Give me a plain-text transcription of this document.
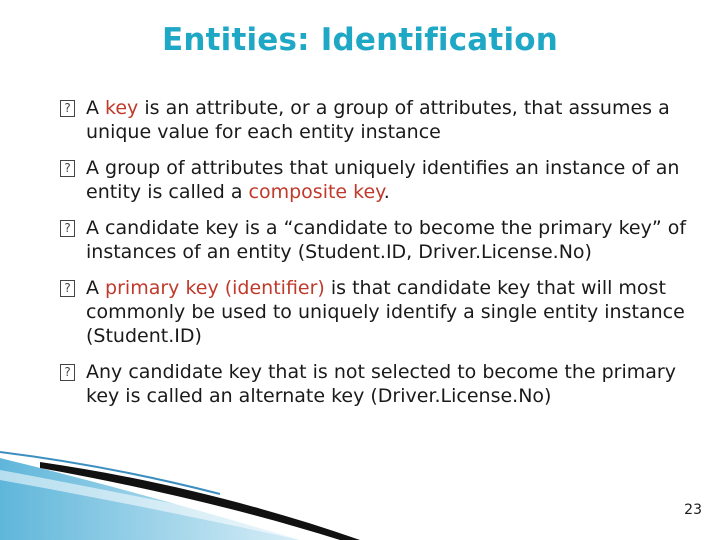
Entities: Identification
? A key is an attribute, or a group of attributes, that assumes a unique value for each entity instance
? A group of attributes that uniquely identifies an instance of an entity is called a composite key.
? A candidate key is a “candidate to become the primary key” of instances of an entity (Student.ID, Driver.License.No)
? A primary key (identifier) is that candidate key that will most commonly be used to uniquely identify a single entity instance (Student.ID)
? Any candidate key that is not selected to become the primary key is called an alternate key (Driver.License.No)
23
